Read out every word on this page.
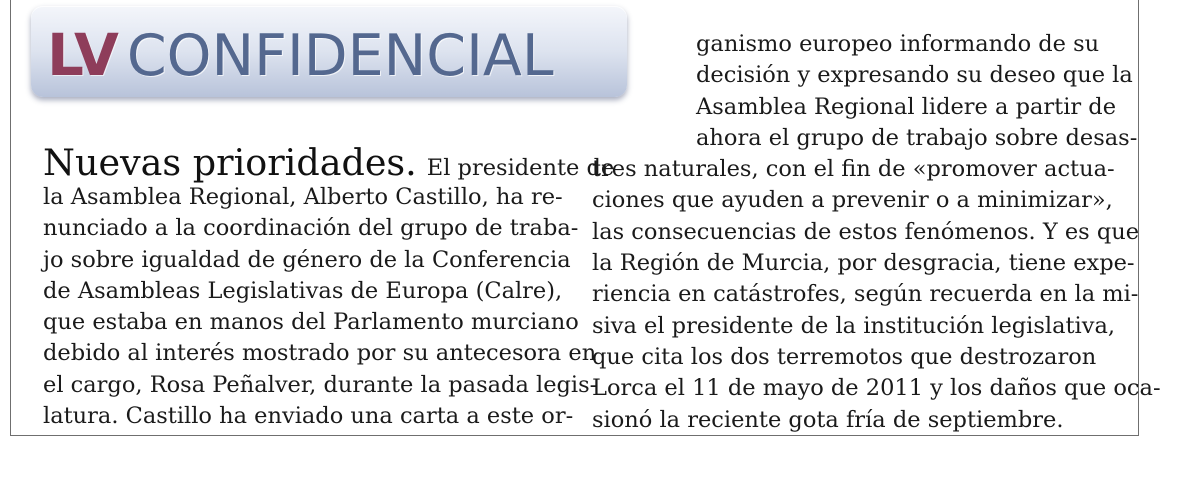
LV CONFIDENCIAL
Nuevas prioridades. El presidente de
la Asamblea Regional, Alberto Castillo, ha re-
nunciado a la coordinación del grupo de traba-
jo sobre igualdad de género de la Conferencia
de Asambleas Legislativas de Europa (Calre),
que estaba en manos del Parlamento murciano
debido al interés mostrado por su antecesora en
el cargo, Rosa Peñalver, durante la pasada legis-
latura. Castillo ha enviado una carta a este or-
ganismo europeo informando de su
decisión y expresando su deseo que la
Asamblea Regional lidere a partir de
ahora el grupo de trabajo sobre desas-
tres naturales, con el fin de «promover actua-
ciones que ayuden a prevenir o a minimizar»,
las consecuencias de estos fenómenos. Y es que
la Región de Murcia, por desgracia, tiene expe-
riencia en catástrofes, según recuerda en la mi-
siva el presidente de la institución legislativa,
que cita los dos terremotos que destrozaron
Lorca el 11 de mayo de 2011 y los daños que oca-
sionó la reciente gota fría de septiembre.
